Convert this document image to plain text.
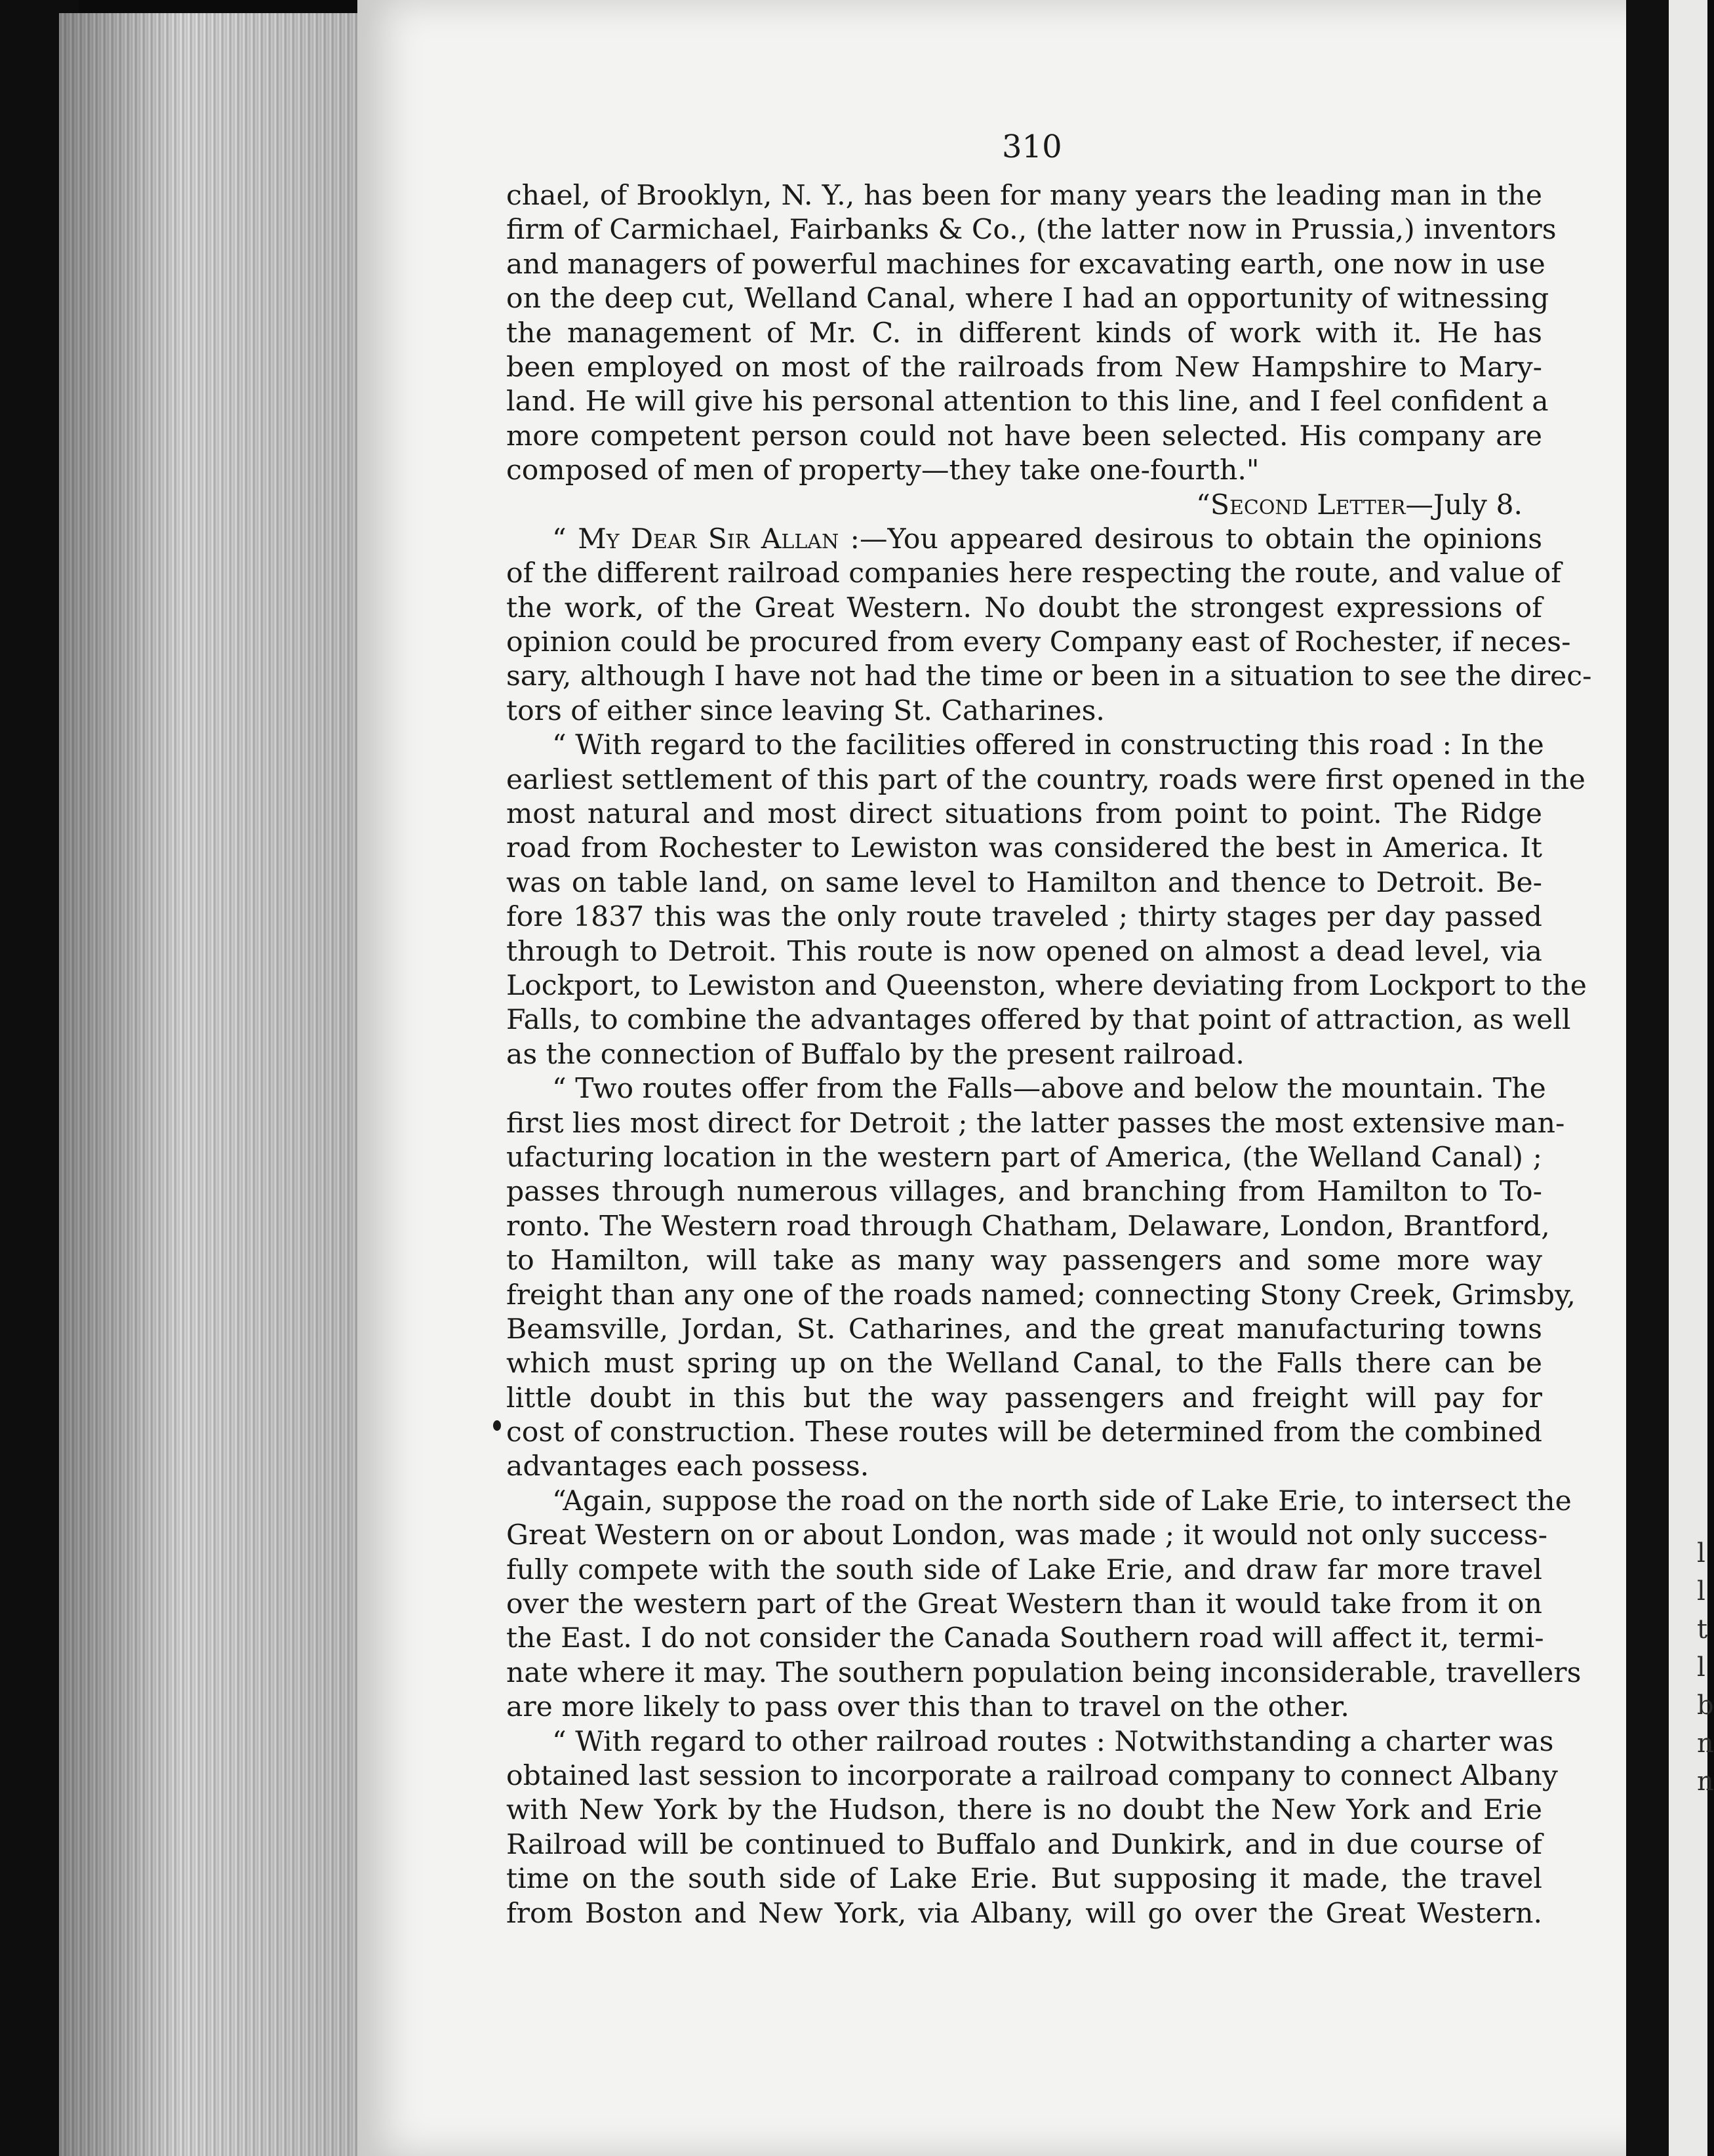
l
l
t
l
b
n
n
310
chael, of Brooklyn, N. Y., has been for many years the leading man in the
firm of Carmichael, Fairbanks & Co., (the latter now in Prussia,) inventors
and managers of powerful machines for excavating earth, one now in use
on the deep cut, Welland Canal, where I had an opportunity of witnessing
the management of Mr. C. in different kinds of work with it. He has
been employed on most of the railroads from New Hampshire to Mary-
land. He will give his personal attention to this line, and I feel confident a
more competent person could not have been selected. His company are
composed of men of property—they take one-fourth."
“Second Letter—July 8.
“ My Dear Sir Allan :—You appeared desirous to obtain the opinions
of the different railroad companies here respecting the route, and value of
the work, of the Great Western. No doubt the strongest expressions of
opinion could be procured from every Company east of Rochester, if neces-
sary, although I have not had the time or been in a situation to see the direc-
tors of either since leaving St. Catharines.
“ With regard to the facilities offered in constructing this road : In the
earliest settlement of this part of the country, roads were first opened in the
most natural and most direct situations from point to point. The Ridge
road from Rochester to Lewiston was considered the best in America. It
was on table land, on same level to Hamilton and thence to Detroit. Be-
fore 1837 this was the only route traveled ; thirty stages per day passed
through to Detroit. This route is now opened on almost a dead level, via
Lockport, to Lewiston and Queenston, where deviating from Lockport to the
Falls, to combine the advantages offered by that point of attraction, as well
as the connection of Buffalo by the present railroad.
“ Two routes offer from the Falls—above and below the mountain. The
first lies most direct for Detroit ; the latter passes the most extensive man-
ufacturing location in the western part of America, (the Welland Canal) ;
passes through numerous villages, and branching from Hamilton to To-
ronto. The Western road through Chatham, Delaware, London, Brantford,
to Hamilton, will take as many way passengers and some more way
freight than any one of the roads named; connecting Stony Creek, Grimsby,
Beamsville, Jordan, St. Catharines, and the great manufacturing towns
which must spring up on the Welland Canal, to the Falls there can be
little doubt in this but the way passengers and freight will pay for
cost of construction. These routes will be determined from the combined
advantages each possess.
“Again, suppose the road on the north side of Lake Erie, to intersect the
Great Western on or about London, was made ; it would not only success-
fully compete with the south side of Lake Erie, and draw far more travel
over the western part of the Great Western than it would take from it on
the East. I do not consider the Canada Southern road will affect it, termi-
nate where it may. The southern population being inconsiderable, travellers
are more likely to pass over this than to travel on the other.
“ With regard to other railroad routes : Notwithstanding a charter was
obtained last session to incorporate a railroad company to connect Albany
with New York by the Hudson, there is no doubt the New York and Erie
Railroad will be continued to Buffalo and Dunkirk, and in due course of
time on the south side of Lake Erie. But supposing it made, the travel
from Boston and New York, via Albany, will go over the Great Western.
